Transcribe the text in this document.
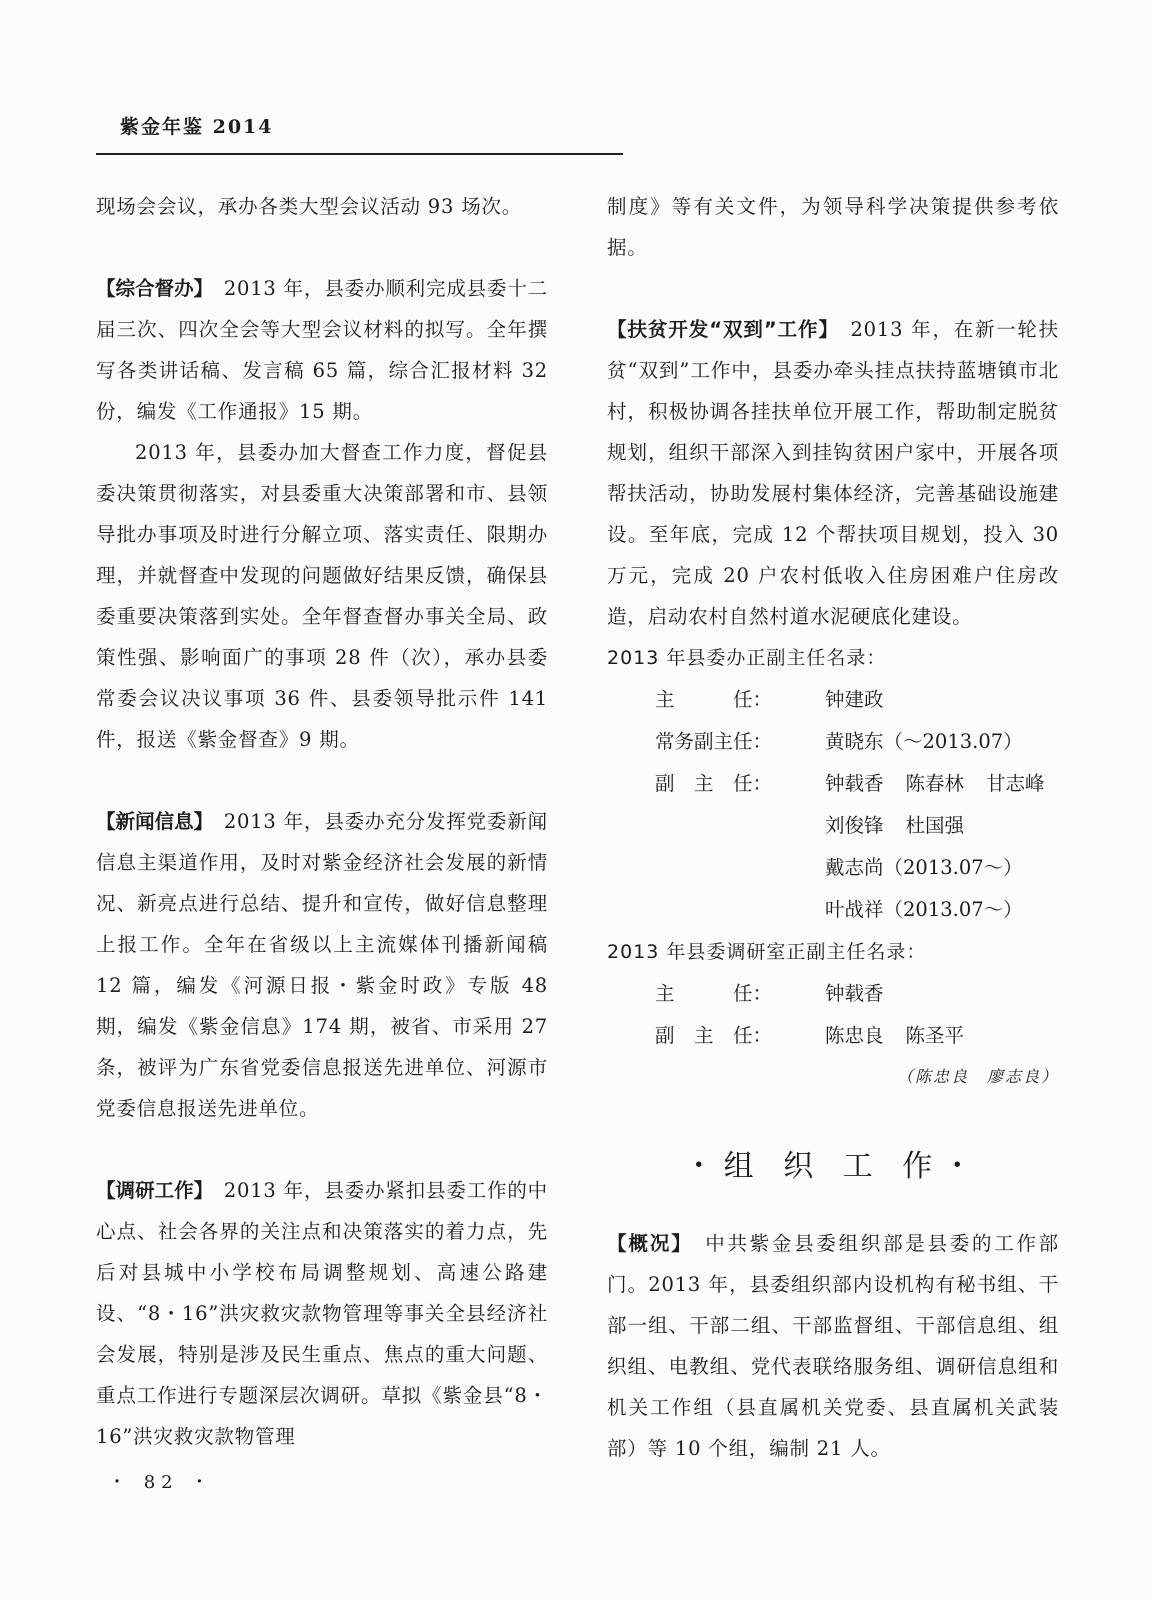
紫金年鉴 2014

现场会会议，承办各类大型会议活动 93 场次。

【综合督办】　 2013 年，县委办顺利完成县委十二届三次、四次全会等大型会议材料的拟写。全年撰写各类讲话稿、发言稿 65 篇，综合汇报材料 32 份，编发《工作通报》15 期。

2013 年，县委办加大督查工作力度，督促县委决策贯彻落实，对县委重大决策部署和市、县领导批办事项及时进行分解立项、落实责任、限期办理，并就督查中发现的问题做好结果反馈，确保县委重要决策落到实处。全年督查督办事关全局、政策性强、影响面广的事项 28 件（次），承办县委常委会议决议事项 36 件、县委领导批示件 141 件，报送《紫金督查》9 期。

【新闻信息】　 2013 年，县委办充分发挥党委新闻信息主渠道作用，及时对紫金经济社会发展的新情况、新亮点进行总结、提升和宣传，做好信息整理上报工作。全年在省级以上主流媒体刊播新闻稿 12 篇，编发《河源日报・紫金时政》专版 48 期，编发《紫金信息》174 期，被省、市采用 27 条，被评为广东省党委信息报送先进单位、河源市党委信息报送先进单位。

【调研工作】　 2013 年，县委办紧扣县委工作的中心点、社会各界的关注点和决策落实的着力点，先后对县城中小学校布局调整规划、高速公路建设、“8・16”洪灾救灾款物管理等事关全县经济社会发展，特别是涉及民生重点、焦点的重大问题、重点工作进行专题深层次调研。草拟《紫金县“8・16”洪灾救灾款物管理

制度》等有关文件，为领导科学决策提供参考依据。

【扶贫开发“双到”工作】　 2013 年，在新一轮扶贫“双到”工作中，县委办牵头挂点扶持蓝塘镇市北村，积极协调各挂扶单位开展工作，帮助制定脱贫规划，组织干部深入到挂钩贫困户家中，开展各项帮扶活动，协助发展村集体经济，完善基础设施建设。至年底，完成 12 个帮扶项目规划，投入 30 万元，完成 20 户农村低收入住房困难户住房改造，启动农村自然村道水泥硬底化建设。

2013 年县委办正副主任名录：

主　　　任：	钟建政
常务副主任：	黄晓东（～2013.07）
副　主　任：	钟载香 陈春林 甘志峰
刘俊锋 杜国强
戴志尚（2013.07～）
叶战祥（2013.07～）

2013 年县委调研室正副主任名录：

主　　　任：	钟载香
副　主　任：	陈忠良 陈圣平

（陈忠良　廖志良）

・组 织 工 作・

【概况】　 中共紫金县委组织部是县委的工作部门。2013 年，县委组织部内设机构有秘书组、干部一组、干部二组、干部监督组、干部信息组、组织组、电教组、党代表联络服务组、调研信息组和机关工作组（县直属机关党委、县直属机关武装部）等 10 个组，编制 21 人。

・ 82 ・
